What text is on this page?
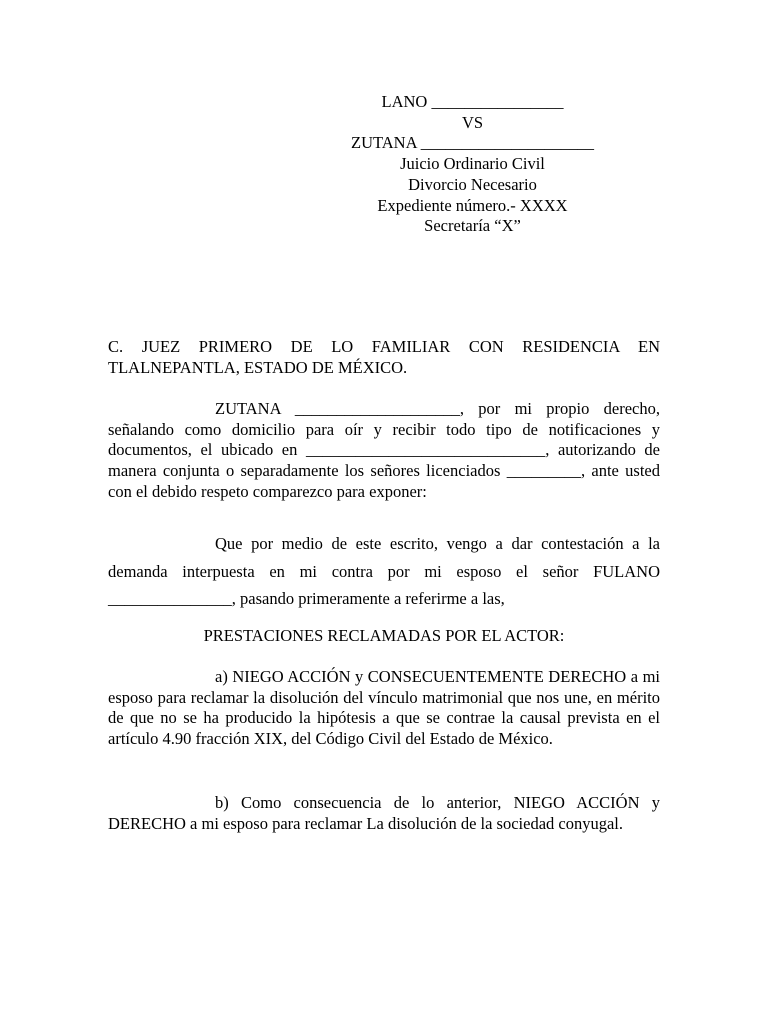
LANO ________________
VS
ZUTANA _____________________
Juicio Ordinario Civil
Divorcio Necesario
Expediente número.- XXXX
Secretaría “X”
C. JUEZ PRIMERO DE LO FAMILIAR CON RESIDENCIA EN TLALNEPANTLA, ESTADO DE MÉXICO.
ZUTANA ____________________, por mi propio derecho, señalando como domicilio para oír y recibir todo tipo de notificaciones y documentos, el ubicado en _____________________________, autorizando de manera conjunta o separadamente los señores licenciados _________, ante usted con el debido respeto comparezco para exponer:
Que por medio de este escrito, vengo a dar contestación a la demanda interpuesta en mi contra por mi esposo el señor FULANO _______________, pasando primeramente a referirme a las,
PRESTACIONES RECLAMADAS POR EL ACTOR:
a) NIEGO ACCIÓN y CONSECUENTEMENTE DERECHO a mi esposo para reclamar la disolución del vínculo matrimonial que nos une, en mérito de que no se ha producido la hipótesis a que se contrae la causal prevista en el artículo 4.90 fracción XIX, del Código Civil del Estado de México.
b) Como consecuencia de lo anterior, NIEGO ACCIÓN y DERECHO a mi esposo para reclamar La disolución de la sociedad conyugal.
